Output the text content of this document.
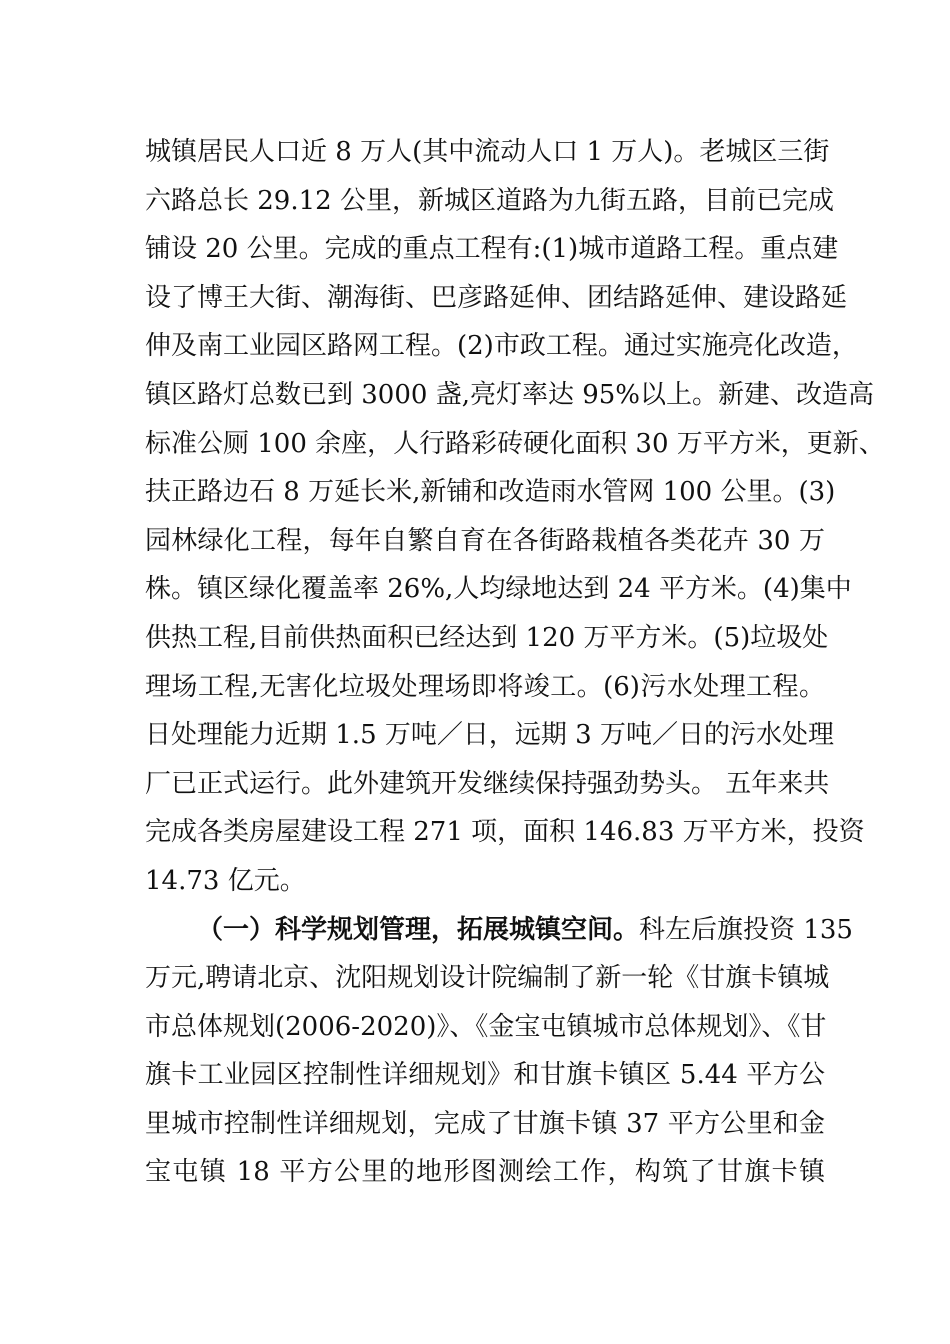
城镇居民人口近 8 万人(其中流动人口 1 万人)。老城区三街
六路总长 29.12 公里，新城区道路为九街五路，目前已完成
铺设 20 公里。完成的重点工程有:(1)城市道路工程。重点建
设了博王大街、潮海街、巴彦路延伸、团结路延伸、建设路延
伸及南工业园区路网工程。(2)市政工程。通过实施亮化改造，
镇区路灯总数已到 3000 盏,亮灯率达 95%以上。新建、改造高
标准公厕 100 余座，人行路彩砖硬化面积 30 万平方米，更新、
扶正路边石 8 万延长米,新铺和改造雨水管网 100 公里。(3)
园林绿化工程，每年自繁自育在各街路栽植各类花卉 30 万
株。镇区绿化覆盖率 26%,人均绿地达到 24 平方米。(4)集中
供热工程,目前供热面积已经达到 120 万平方米。(5)垃圾处
理场工程,无害化垃圾处理场即将竣工。(6)污水处理工程。
日处理能力近期 1.5 万吨／日，远期 3 万吨／日的污水处理
厂已正式运行。此外建筑开发继续保持强劲势头。 五年来共
完成各类房屋建设工程 271 项，面积 146.83 万平方米，投资
14.73 亿元。
（一）科学规划管理，拓展城镇空间。科左后旗投资 135
万元,聘请北京、沈阳规划设计院编制了新一轮《甘旗卡镇城
市总体规划(2006-2020)》、《金宝屯镇城市总体规划》、《甘
旗卡工业园区控制性详细规划》和甘旗卡镇区 5.44 平方公
里城市控制性详细规划，完成了甘旗卡镇 37 平方公里和金
宝屯镇 18 平方公里的地形图测绘工作，构筑了甘旗卡镇
